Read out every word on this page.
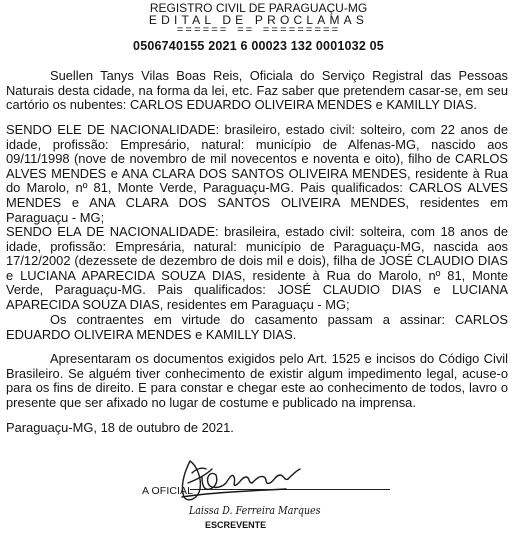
REGISTRO CIVIL DE PARAGUAÇU-MG
EDITAL DE PROCLAMAS
====== == =========
0506740155 2021 6 00023 132 0001032 05
Suellen Tanys Vilas Boas Reis, Oficiala do Serviço Registral das Pessoas Naturais desta cidade, na forma da lei, etc. Faz saber que pretendem casar-se, em seu cartório os nubentes: CARLOS EDUARDO OLIVEIRA MENDES e KAMILLY DIAS.
SENDO ELE DE NACIONALIDADE: brasileiro, estado civil: solteiro, com 22 anos de idade, profissão: Empresário, natural: município de Alfenas-MG, nascido aos 09/11/1998 (nove de novembro de mil novecentos e noventa e oito), filho de CARLOS ALVES MENDES e ANA CLARA DOS SANTOS OLIVEIRA MENDES, residente à Rua do Marolo, nº 81, Monte Verde, Paraguaçu-MG. Pais qualificados: CARLOS ALVES MENDES e ANA CLARA DOS SANTOS OLIVEIRA MENDES, residentes em Paraguaçu - MG;
SENDO ELA DE NACIONALIDADE: brasileira, estado civil: solteira, com 18 anos de idade, profissão: Empresária, natural: município de Paraguaçu-MG, nascida aos 17/12/2002 (dezessete de dezembro de dois mil e dois), filha de JOSÉ CLAUDIO DIAS e LUCIANA APARECIDA SOUZA DIAS, residente à Rua do Marolo, nº 81, Monte Verde, Paraguaçu-MG. Pais qualificados: JOSÉ CLAUDIO DIAS e LUCIANA APARECIDA SOUZA DIAS, residentes em Paraguaçu - MG;
Os contraentes em virtude do casamento passam a assinar: CARLOS EDUARDO OLIVEIRA MENDES e KAMILLY DIAS.
Apresentaram os documentos exigidos pelo Art. 1525 e incisos do Código Civil Brasileiro. Se alguém tiver conhecimento de existir algum impedimento legal, acuse-o para os fins de direito. E para constar e chegar este ao conhecimento de todos, lavro o presente que ser afixado no lugar de costume e publicado na imprensa.
Paraguaçu-MG, 18 de outubro de 2021.
A OFICIAL
Laissa D. Ferreira Marques
ESCREVENTE
